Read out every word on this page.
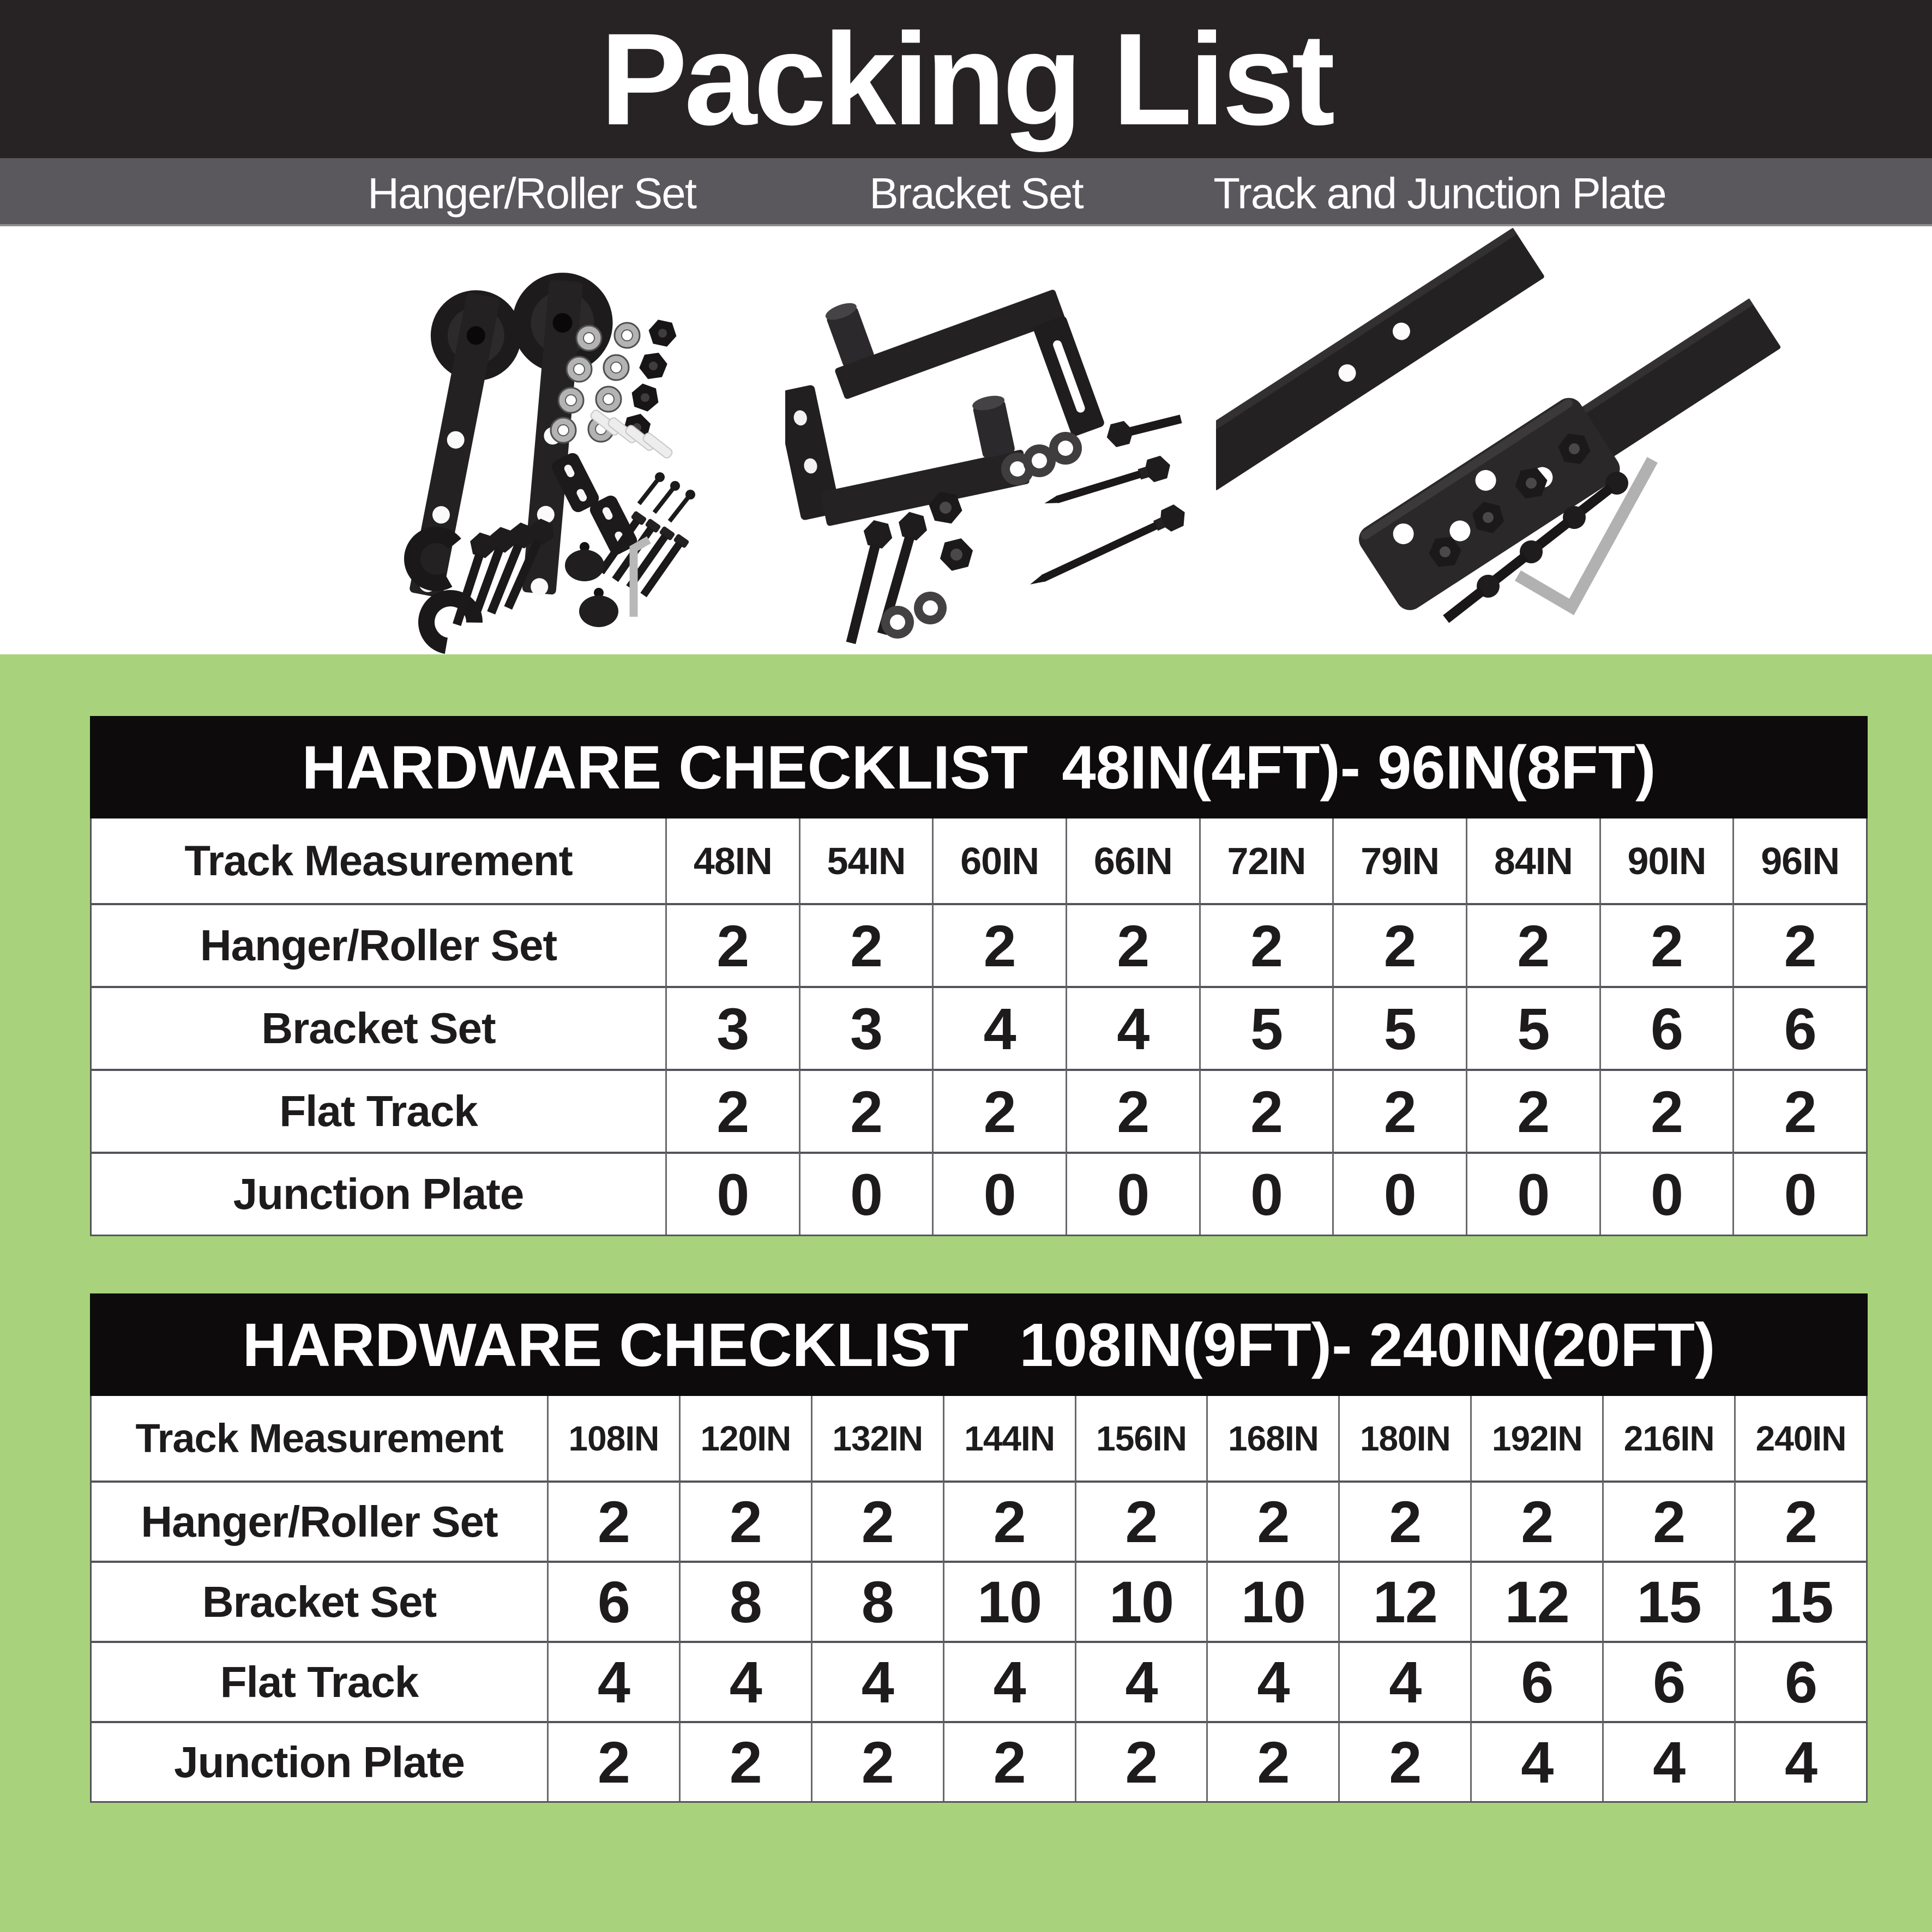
Packing List
Hanger/Roller Set	Bracket Set	Track and Junction Plate
HARDWARE CHECKLIST  48IN(4FT)- 96IN(8FT)
Track Measurement	48IN	54IN	60IN	66IN	72IN	79IN	84IN	90IN	96IN
Hanger/Roller Set	2	2	2	2	2	2	2	2	2
Bracket Set	3	3	4	4	5	5	5	6	6
Flat Track	2	2	2	2	2	2	2	2	2
Junction Plate	0	0	0	0	0	0	0	0	0
HARDWARE CHECKLIST   108IN(9FT)- 240IN(20FT)
Track Measurement	108IN	120IN	132IN	144IN	156IN	168IN	180IN	192IN	216IN	240IN
Hanger/Roller Set	2	2	2	2	2	2	2	2	2	2
Bracket Set	6	8	8	10	10	10	12	12	15	15
Flat Track	4	4	4	4	4	4	4	6	6	6
Junction Plate	2	2	2	2	2	2	2	4	4	4
